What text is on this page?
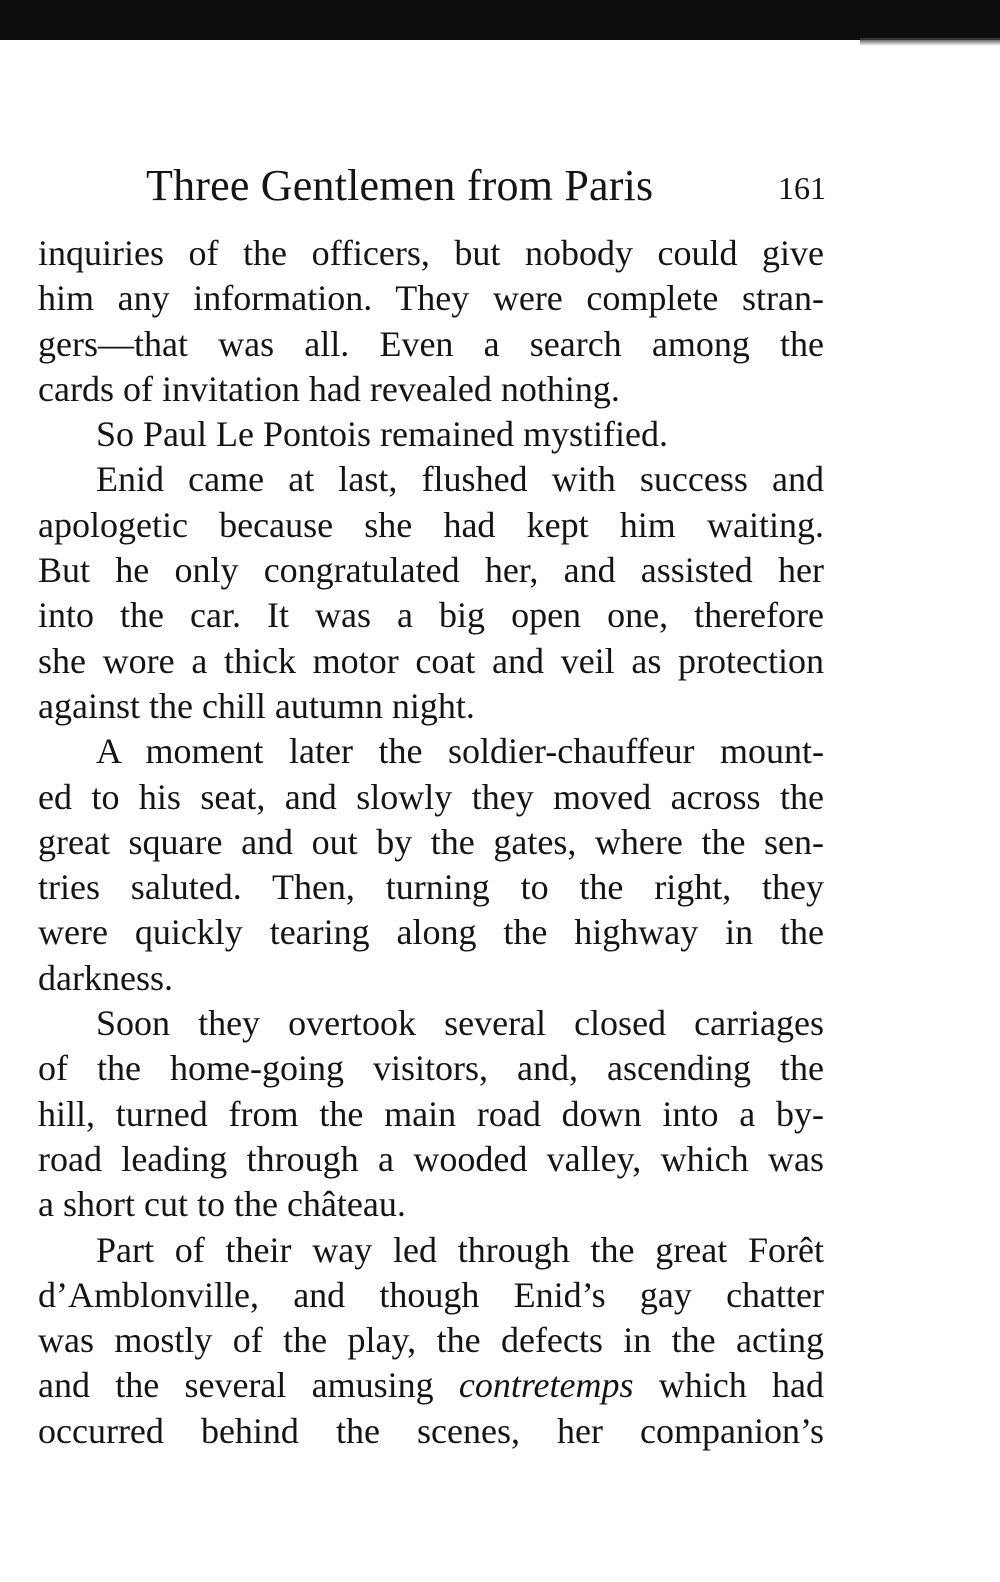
Three Gentlemen from Paris	161

inquiries of the officers, but nobody could give

him any information. They were complete stran-

gers—that was all. Even a search among the

cards of invitation had revealed nothing.

So Paul Le Pontois remained mystified.

Enid came at last, flushed with success and

apologetic because she had kept him waiting.

But he only congratulated her, and assisted her

into the car. It was a big open one, therefore

she wore a thick motor coat and veil as protection

against the chill autumn night.

A moment later the soldier-chauffeur mount-

ed to his seat, and slowly they moved across the

great square and out by the gates, where the sen-

tries saluted. Then, turning to the right, they

were quickly tearing along the highway in the

darkness.

Soon they overtook several closed carriages

of the home-going visitors, and, ascending the

hill, turned from the main road down into a by-

road leading through a wooded valley, which was

a short cut to the château.

Part of their way led through the great Forêt

d’Amblonville, and though Enid’s gay chatter

was mostly of the play, the defects in the acting

and the several amusing contretemps which had

occurred behind the scenes, her companion’s
